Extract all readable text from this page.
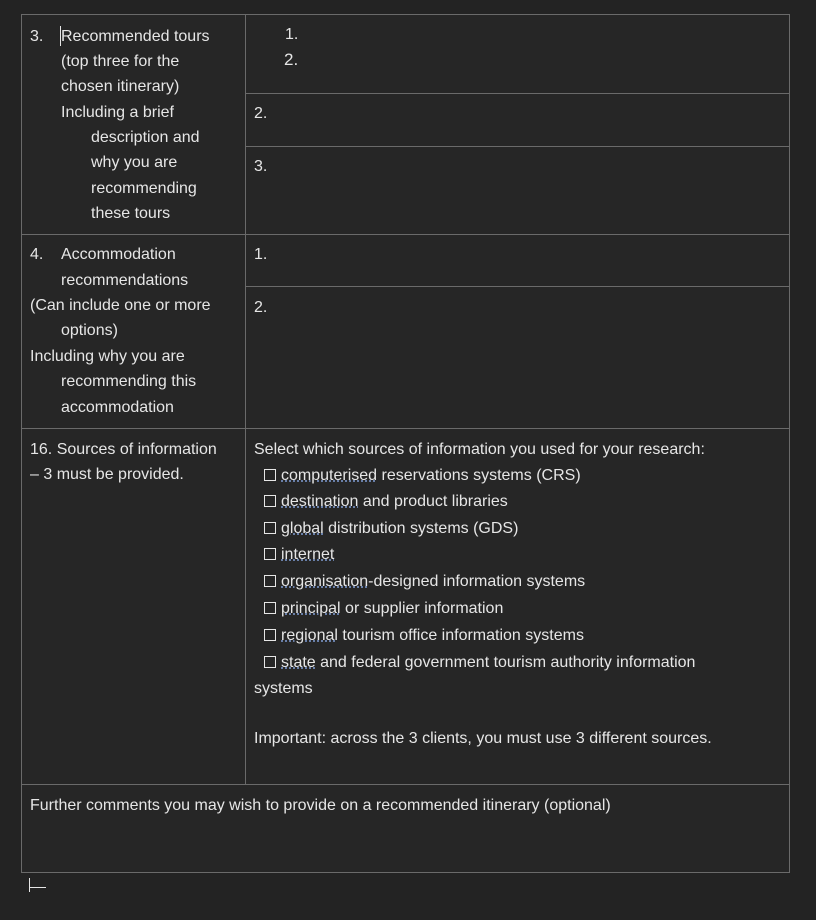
3. Recommended tours
(top three for the
chosen itinerary)
Including a brief
description and
why you are
recommending
these tours
1.
2.
2.
3.
4. Accommodation
recommendations
(Can include one or more
options)
Including why you are
recommending this
accommodation
1.
2.
16. Sources of information
– 3 must be provided.
Select which sources of information you used for your research:
computerised reservations systems (CRS)
destination and product libraries
global distribution systems (GDS)
internet
organisation-designed information systems
principal or supplier information
regional tourism office information systems
state and federal government tourism authority information
systems
Important: across the 3 clients, you must use 3 different sources.
Further comments you may wish to provide on a recommended itinerary (optional)
